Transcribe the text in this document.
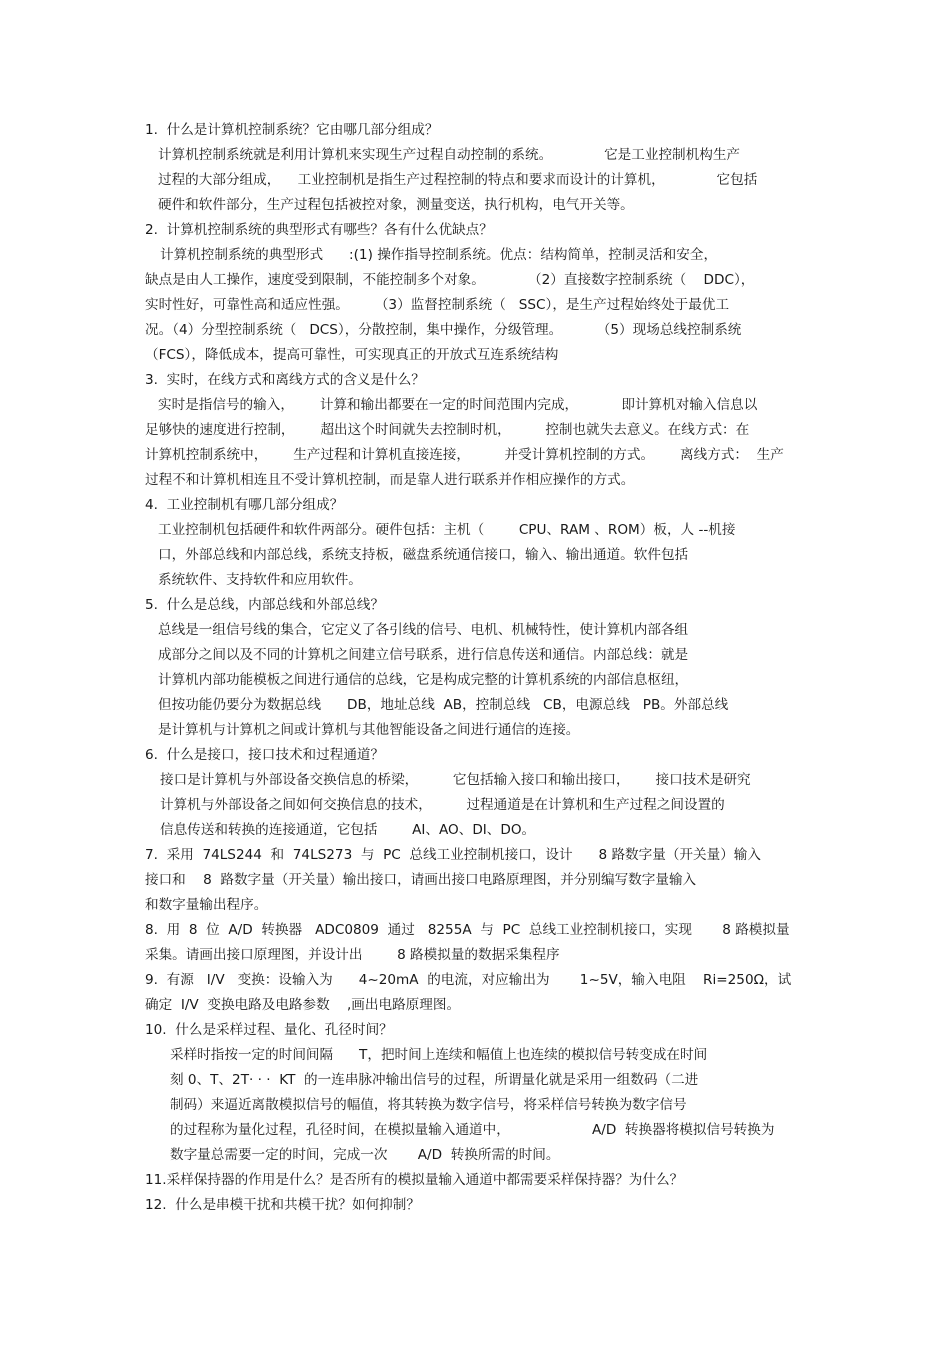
1.  什么是计算机控制系统？它由哪几部分组成？
计算机控制系统就是利用计算机来实现生产过程自动控制的系统。            它是工业控制机构生产
过程的大部分组成，    工业控制机是指生产过程控制的特点和要求而设计的计算机，            它包括
硬件和软件部分，生产过程包括被控对象，测量变送，执行机构，电气开关等。
2.  计算机控制系统的典型形式有哪些？各有什么优缺点？
计算机控制系统的典型形式      :(1) 操作指导控制系统。优点：结构简单，控制灵活和安全，
缺点是由人工操作，速度受到限制，不能控制多个对象。          （2）直接数字控制系统（    DDC），
实时性好，可靠性高和适应性强。      （3）监督控制系统（   SSC），是生产过程始终处于最优工
况。（4）分型控制系统（   DCS），分散控制，集中操作，分级管理。        （5）现场总线控制系统
（FCS），降低成本，提高可靠性，可实现真正的开放式互连系统结构
3.  实时，在线方式和离线方式的含义是什么？
实时是指信号的输入，      计算和输出都要在一定的时间范围内完成，          即计算机对输入信息以
足够快的速度进行控制，      超出这个时间就失去控制时机，        控制也就失去意义。在线方式：在
计算机控制系统中，      生产过程和计算机直接连接，        并受计算机控制的方式。      离线方式：  生产
过程不和计算机相连且不受计算机控制，而是靠人进行联系并作相应操作的方式。
4.  工业控制机有哪几部分组成？
工业控制机包括硬件和软件两部分。硬件包括：主机（        CPU、RAM 、ROM）板，人 --机接
口，外部总线和内部总线，系统支持板，磁盘系统通信接口，输入、输出通道。软件包括
系统软件、支持软件和应用软件。
5.  什么是总线，内部总线和外部总线？
总线是一组信号线的集合，它定义了各引线的信号、电机、机械特性，使计算机内部各组
成部分之间以及不同的计算机之间建立信号联系，进行信息传送和通信。内部总线：就是
计算机内部功能模板之间进行通信的总线，它是构成完整的计算机系统的内部信息枢纽，
但按功能仍要分为数据总线      DB，地址总线  AB，控制总线   CB，电源总线   PB。外部总线
是计算机与计算机之间或计算机与其他智能设备之间进行通信的连接。
6.  什么是接口，接口技术和过程通道？
接口是计算机与外部设备交换信息的桥梁，        它包括输入接口和输出接口，      接口技术是研究
计算机与外部设备之间如何交换信息的技术，        过程通道是在计算机和生产过程之间设置的
信息传送和转换的连接通道，它包括        AI、AO、DI、DO。
7.  采用  74LS244  和  74LS273  与  PC  总线工业控制机接口，设计      8 路数字量（开关量）输入
接口和    8  路数字量（开关量）输出接口，请画出接口电路原理图，并分别编写数字量输入
和数字量输出程序。
8.  用  8  位  A/D  转换器   ADC0809  通过   8255A  与  PC  总线工业控制机接口，实现       8 路模拟量
采集。请画出接口原理图，并设计出        8 路模拟量的数据采集程序
9.  有源   I/V   变换：设输入为      4~20mA  的电流，对应输出为       1~5V，输入电阻    Ri=250Ω，试
确定  I/V  变换电路及电路参数    ,画出电路原理图。
10.  什么是采样过程、量化、孔径时间？
采样时指按一定的时间间隔      T，把时间上连续和幅值上也连续的模拟信号转变成在时间
刻 0、T、2T· · ·  KT  的一连串脉冲输出信号的过程，所谓量化就是采用一组数码（二进
制码）来逼近离散模拟信号的幅值，将其转换为数字信号，将采样信号转换为数字信号
的过程称为量化过程，孔径时间，在模拟量输入通道中，                   A/D  转换器将模拟信号转换为
数字量总需要一定的时间，完成一次       A/D  转换所需的时间。
11.采样保持器的作用是什么？是否所有的模拟量输入通道中都需要采样保持器？为什么？
12.  什么是串模干扰和共模干扰？如何抑制？
